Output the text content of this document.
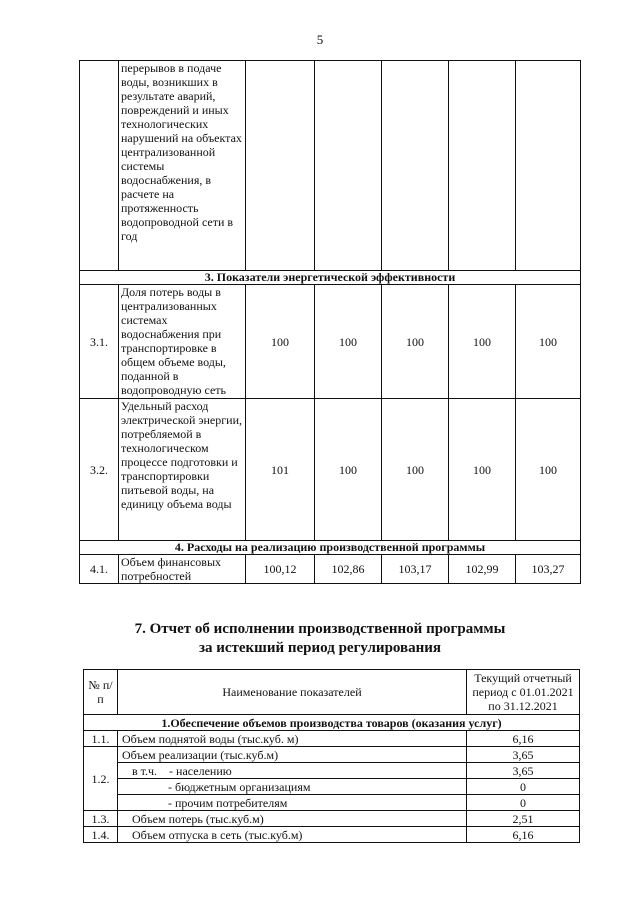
5
	перерывов в подаче воды, возникших в результате аварий, повреждений и иных технологических нарушений на объектах централизованной системы водоснабжения, в расчете на протяженность водопроводной сети в год					
3. Показатели энергетической эффективности						
3.1.	Доля потерь воды в централизованных системах водоснабжения при транспортировке в общем объеме воды, поданной в водопроводную сеть	100	100	100	100	100
3.2.	Удельный расход электрической энергии, потребляемой в технологическом процессе подготовки и транспортировки питьевой воды, на единицу объема воды	101	100	100	100	100
4. Расходы на реализацию производственной программы						
4.1.	Объем финансовых потребностей	100,12	102,86	103,17	102,99	103,27
7. Отчет об исполнении производственной программы
за истекший период регулирования
№ п/п	Наименование показателей	Текущий отчетный период с 01.01.2021 по 31.12.2021
1.Обеспечение объемов производства товаров (оказания услуг)		
1.1.	Объем поднятой воды (тыс.куб. м)	6,16
1.2.	Объем реализации (тыс.куб.м)	3,65
	в т.ч.    - населению	3,65
	- бюджетным организациям	0
	- прочим потребителям	0
1.3.	Объем потерь (тыс.куб.м)	2,51
1.4.	Объем отпуска в сеть (тыс.куб.м)	6,16
